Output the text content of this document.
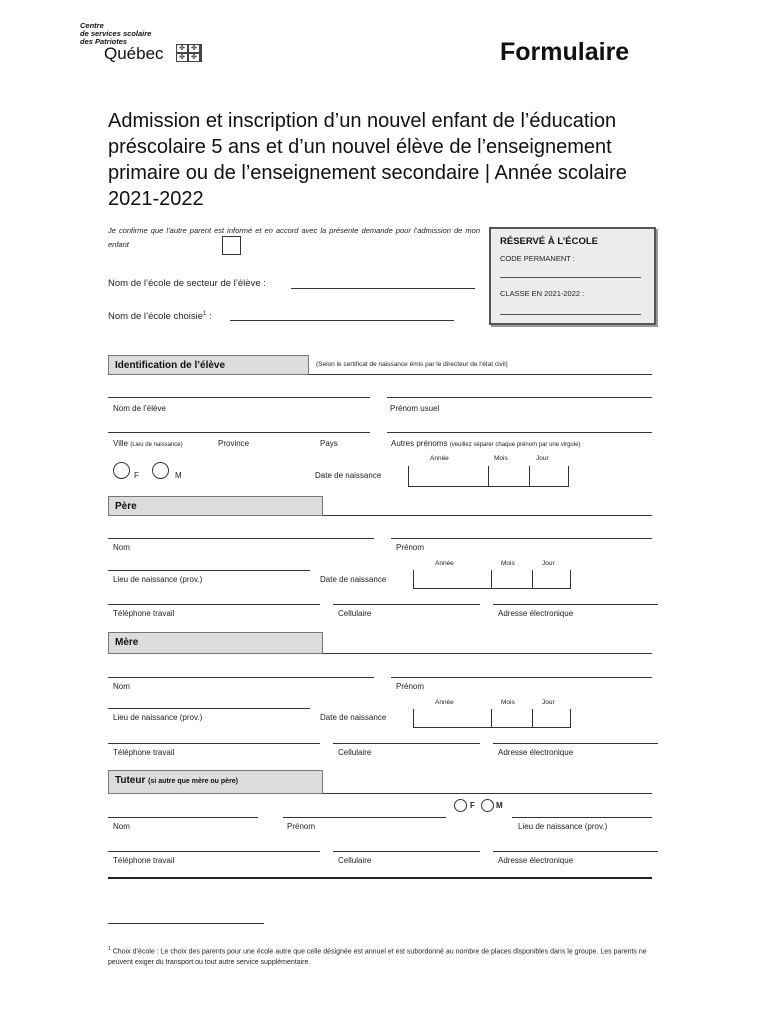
Centre
de services scolaire
des Patriotes
Québec ✤ ✤
✤ ✤	Formulaire
Admission et inscription d’un nouvel enfant de l’éducation préscolaire 5 ans et d’un nouvel élève de l’enseignement primaire ou de l’enseignement secondaire | Année scolaire 2021-2022
Je confirme que l’autre parent est informé et en accord avec la présente demande pour l’admission de mon enfant	RÉSERVÉ À L’ÉCOLE
CODE PERMANENT :
CLASSE EN 2021-2022 :
Nom de l’école de secteur de l’élève :
Nom de l’école choisie$^1$ :
Identification de l’élève	(Selon le certificat de naissance émis par le directeur de l’état civil)
Nom de l’élève	Prénom usuel
Ville (Lieu de naissance)	Province	Pays	Autres prénoms (veuillez séparer chaque prénom par une virgule)
F	M
Année	Mois	Jour
Date de naissance
Père
Nom	Prénom
Année	Mois	Jour
Lieu de naissance (prov.)	Date de naissance
Téléphone travail	Cellulaire	Adresse électronique
Mère
Nom	Prénom
Année	Mois	Jour
Lieu de naissance (prov.)	Date de naissance
Téléphone travail	Cellulaire	Adresse électronique
Tuteur (si autre que mère ou père)
F	M
Nom	Prénom	Lieu de naissance (prov.)
Téléphone travail	Cellulaire	Adresse électronique
$^1$ Choix d’école : Le choix des parents pour une école autre que celle désignée est annuel et est subordonné au nombre de places disponibles dans le groupe. Les parents ne peuvent exiger du transport ou tout autre service supplémentaire.
